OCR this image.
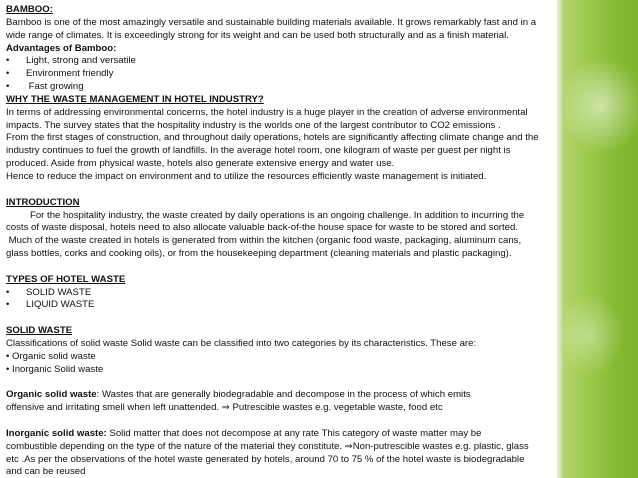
BAMBOO:
Bamboo is one of the most amazingly versatile and sustainable building materials available. It grows remarkably fast and in a
wide range of climates. It is exceedingly strong for its weight and can be used both structurally and as a finish material.
Advantages of Bamboo:
• Light, strong and versatile
• Environment friendly
• Fast growing
WHY THE WASTE MANAGEMENT IN HOTEL INDUSTRY?
In terms of addressing environmental concerns, the hotel industry is a huge player in the creation of adverse environmental
impacts. The survey states that the hospitality industry is the worlds one of the largest contributor to CO2 emissions .
From the first stages of construction, and throughout daily operations, hotels are significantly affecting climate change and the
industry continues to fuel the growth of landfills. In the average hotel room, one kilogram of waste per guest per night is
produced. Aside from physical waste, hotels also generate extensive energy and water use.
Hence to reduce the impact on environment and to utilize the resources efficiently waste management is initiated.
INTRODUCTION
For the hospitality industry, the waste created by daily operations is an ongoing challenge. In addition to incurring the
costs of waste disposal, hotels need to also allocate valuable back-of-the house space for waste to be stored and sorted.
Much of the waste created in hotels is generated from within the kitchen (organic food waste, packaging, aluminum cans,
glass bottles, corks and cooking oils), or from the housekeeping department (cleaning materials and plastic packaging).
TYPES OF HOTEL WASTE
• SOLID WASTE
• LIQUID WASTE
SOLID WASTE
Classifications of solid waste Solid waste can be classified into two categories by its characteristics. These are:
• Organic solid waste
• Inorganic Solid waste
Organic solid waste: Wastes that are generally biodegradable and decompose in the process of which emits
offensive and irritating smell when left unattended. ⇒ Putrescible wastes e.g. vegetable waste, food etc
Inorganic solid waste: Solid matter that does not decompose at any rate This category of waste matter may be
combustible depending on the type of the nature of the material they constitute. ⇒Non-putrescible wastes e.g. plastic, glass
etc .As per the observations of the hotel waste generated by hotels, around 70 to 75 % of the hotel waste is biodegradable
and can be reused
